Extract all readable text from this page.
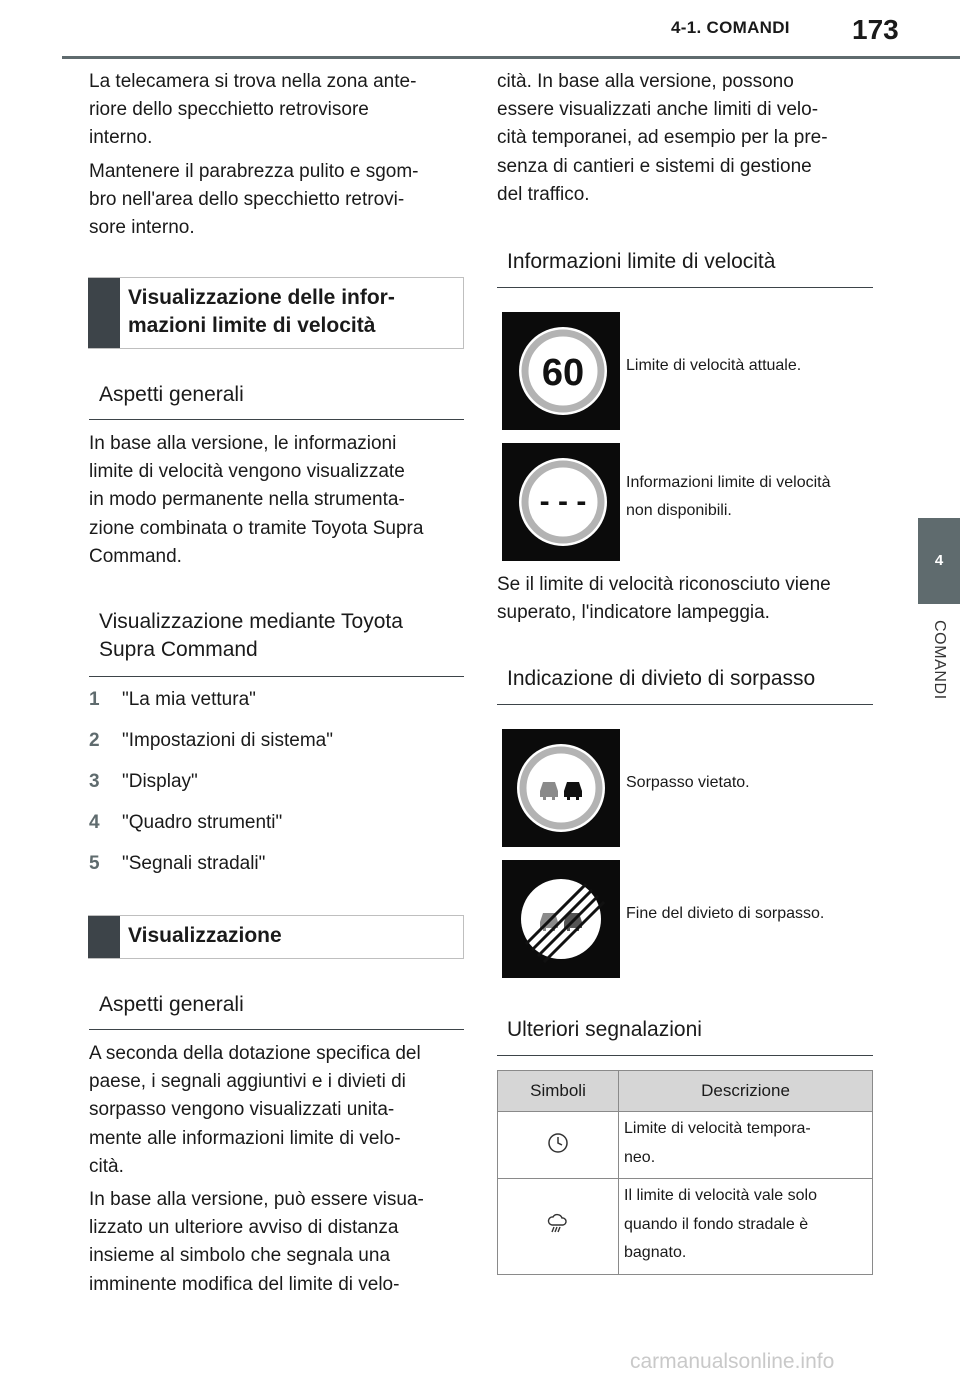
4-1. COMANDI 173
4
COMANDI

La telecamera si trova nella zona ante-
riore dello specchietto retrovisore
interno.

Mantenere il parabrezza pulito e sgom-
bro nell'area dello specchietto retrovi-
sore interno.

Visualizzazione delle infor-
mazioni limite di velocità
Aspetti generali

In base alla versione, le informazioni
limite di velocità vengono visualizzate
in modo permanente nella strumenta-
zione combinata o tramite Toyota Supra
Command.

Visualizzazione mediante Toyota
Supra Command
1 "La mia vettura"
2 "Impostazioni di sistema"
3 "Display"
4 "Quadro strumenti"
5 "Segnali stradali"
Visualizzazione
Aspetti generali

A seconda della dotazione specifica del
paese, i segnali aggiuntivi e i divieti di
sorpasso vengono visualizzati unita-
mente alle informazioni limite di velo-
cità.

In base alla versione, può essere visua-
lizzato un ulteriore avviso di distanza
insieme al simbolo che segnala una
imminente modifica del limite di velo-

cità. In base alla versione, possono
essere visualizzati anche limiti di velo-
cità temporanei, ad esempio per la pre-
senza di cantieri e sistemi di gestione
del traffico.

Informazioni limite di velocità
60	Limite di velocità attuale.
- - -
Informazioni limite di velocità
non disponibili.

Se il limite di velocità riconosciuto viene
superato, l'indicatore lampeggia.

Indicazione di divieto di sorpasso
Sorpasso vietato.
Fine del divieto di sorpasso.
Ulteriori segnalazioni
Simboli	Descrizione
	Limite di velocità tempora-
neo.
	Il limite di velocità vale solo
quando il fondo stradale è
bagnato.
carmanualsonline.info
